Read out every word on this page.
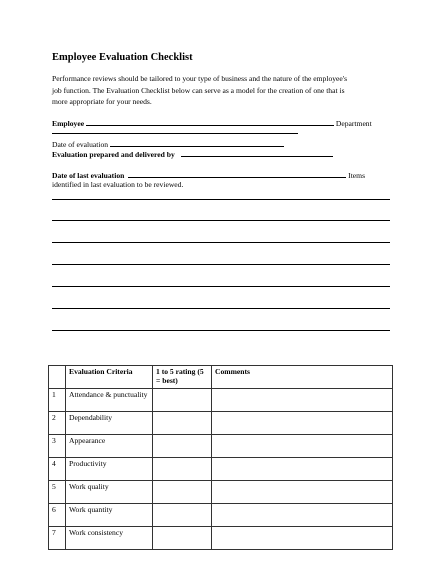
Employee Evaluation Checklist
Performance reviews should be tailored to your type of business and the nature of the employee's
job function. The Evaluation Checklist below can serve as a model for the creation of one that is
more appropriate for your needs.
Employee	Department
Date of evaluation
Evaluation prepared and delivered by
Date of last evaluation	Items
identified in last evaluation to be reviewed.
	Evaluation Criteria	1 to 5 rating (5 = best)	Comments
1	Attendance & punctuality		
2	Dependability		
3	Appearance		
4	Productivity		
5	Work quality		
6	Work quantity		
7	Work consistency		
